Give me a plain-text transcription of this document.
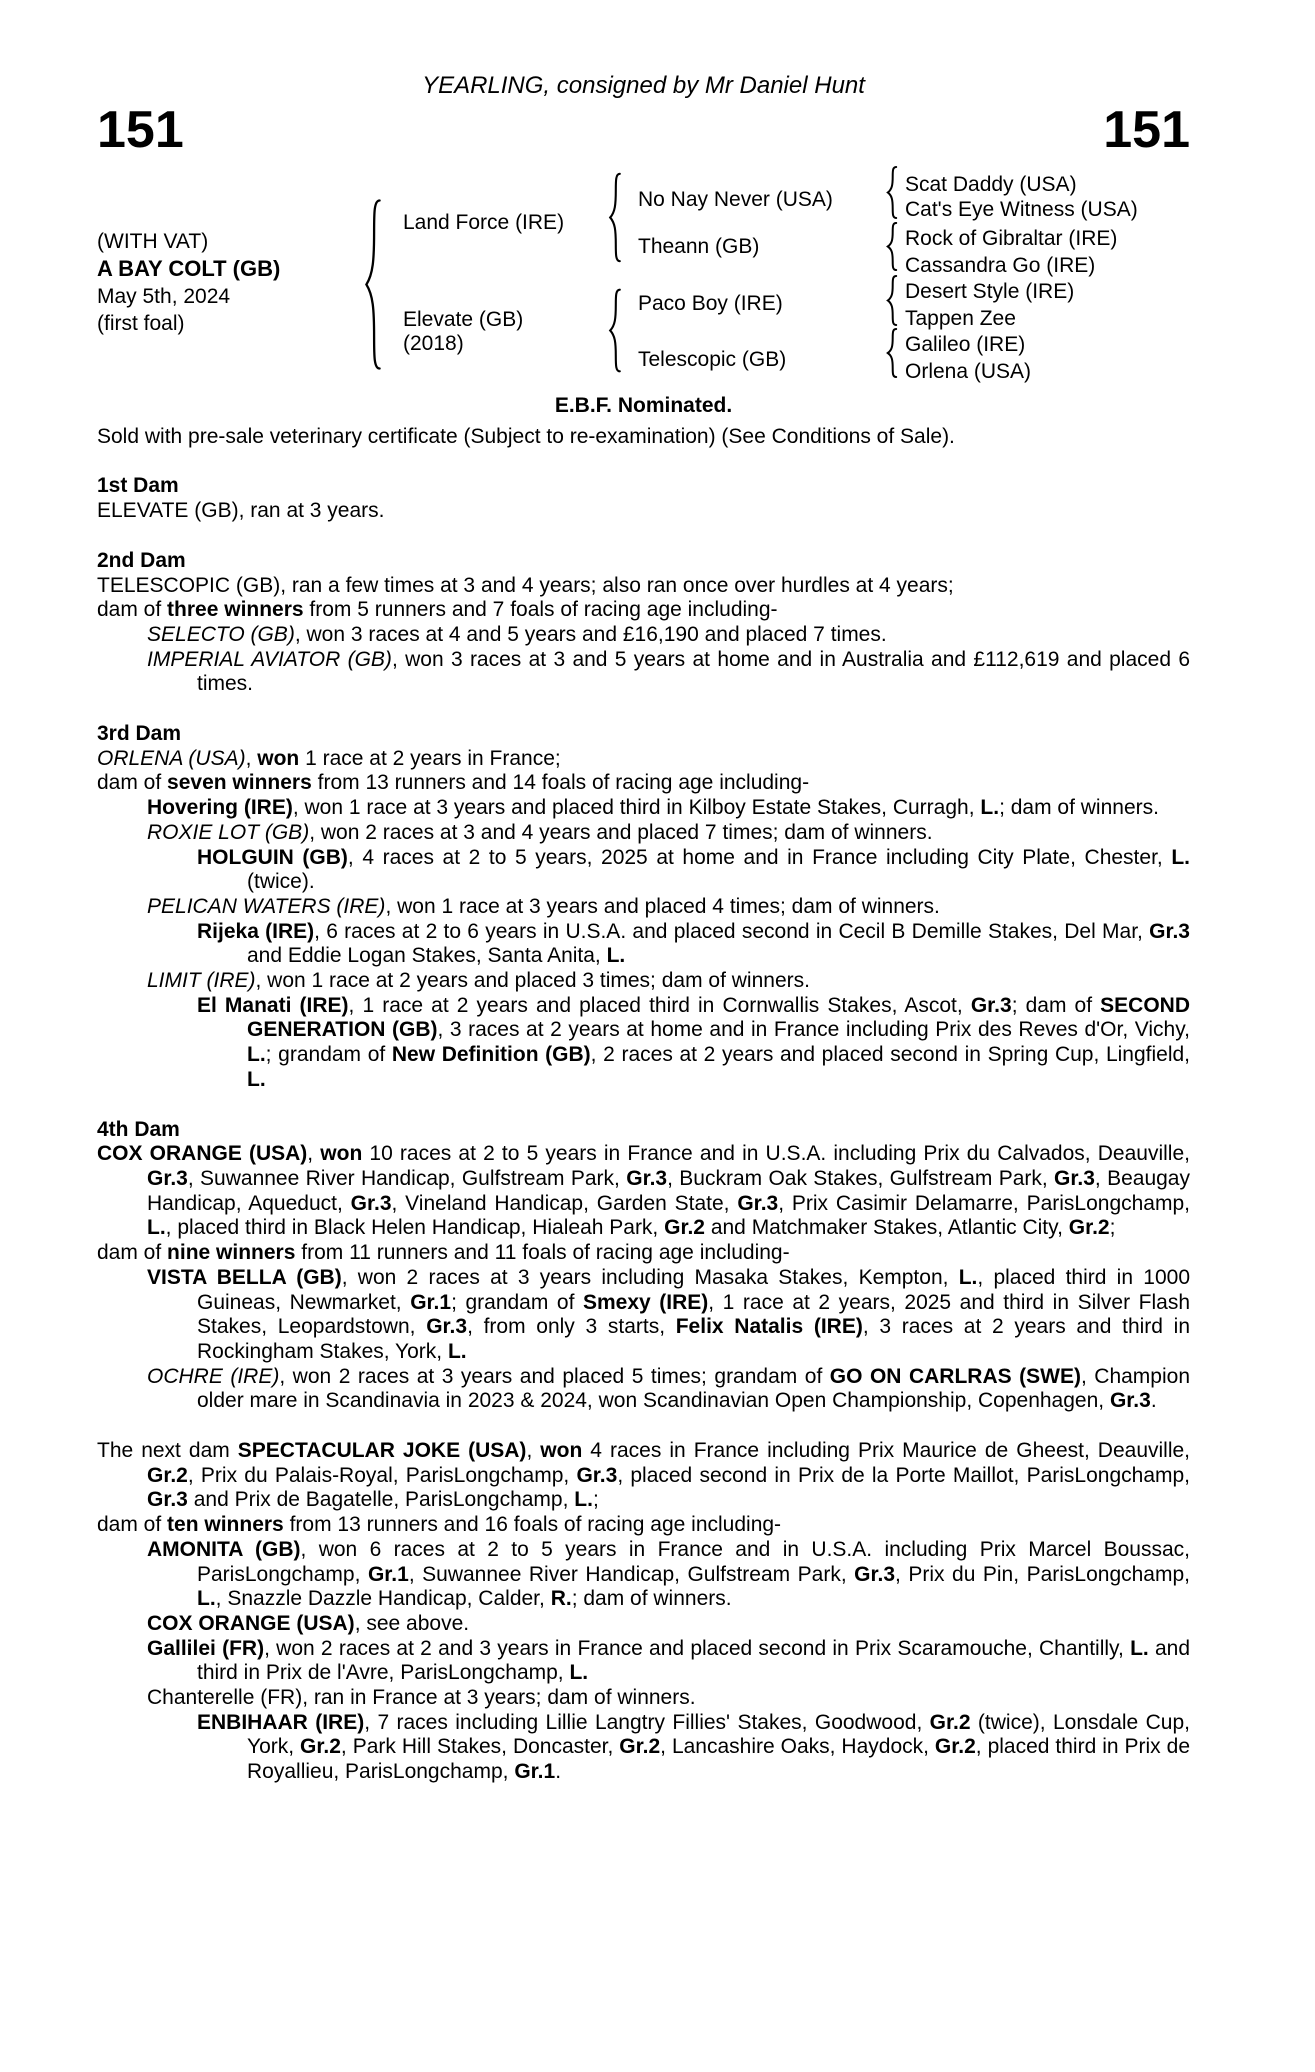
YEARLING, consigned by Mr Daniel Hunt
151	151
(WITH VAT)
A BAY COLT (GB)
May 5th, 2024
(first foal)
Land Force (IRE)
Elevate (GB)
(2018)
No Nay Never (USA)
Theann (GB)
Paco Boy (IRE)
Telescopic (GB)
Scat Daddy (USA)
Cat's Eye Witness (USA)
Rock of Gibraltar (IRE)
Cassandra Go (IRE)
Desert Style (IRE)
Tappen Zee
Galileo (IRE)
Orlena (USA)
E.B.F. Nominated.
Sold with pre-sale veterinary certificate (Subject to re-examination) (See Conditions of Sale).
1st Dam
ELEVATE (GB), ran at 3 years.
2nd Dam
TELESCOPIC (GB), ran a few times at 3 and 4 years; also ran once over hurdles at 4 years;
dam of three winners from 5 runners and 7 foals of racing age including-
SELECTO (GB), won 3 races at 4 and 5 years and £16,190 and placed 7 times.
IMPERIAL AVIATOR (GB), won 3 races at 3 and 5 years at home and in Australia and £112,619 and placed 6 times.
3rd Dam
ORLENA (USA), won 1 race at 2 years in France;
dam of seven winners from 13 runners and 14 foals of racing age including-
Hovering (IRE), won 1 race at 3 years and placed third in Kilboy Estate Stakes, Curragh, L.; dam of winners.
ROXIE LOT (GB), won 2 races at 3 and 4 years and placed 7 times; dam of winners.
HOLGUIN (GB), 4 races at 2 to 5 years, 2025 at home and in France including City Plate, Chester, L. (twice).
PELICAN WATERS (IRE), won 1 race at 3 years and placed 4 times; dam of winners.
Rijeka (IRE), 6 races at 2 to 6 years in U.S.A. and placed second in Cecil B Demille Stakes, Del Mar, Gr.3 and Eddie Logan Stakes, Santa Anita, L.
LIMIT (IRE), won 1 race at 2 years and placed 3 times; dam of winners.
El Manati (IRE), 1 race at 2 years and placed third in Cornwallis Stakes, Ascot, Gr.3; dam of SECOND GENERATION (GB), 3 races at 2 years at home and in France including Prix des Reves d'Or, Vichy, L.; grandam of New Definition (GB), 2 races at 2 years and placed second in Spring Cup, Lingfield, L.
4th Dam
COX ORANGE (USA), won 10 races at 2 to 5 years in France and in U.S.A. including Prix du Calvados, Deauville, Gr.3, Suwannee River Handicap, Gulfstream Park, Gr.3, Buckram Oak Stakes, Gulfstream Park, Gr.3, Beaugay Handicap, Aqueduct, Gr.3, Vineland Handicap, Garden State, Gr.3, Prix Casimir Delamarre, ParisLongchamp, L., placed third in Black Helen Handicap, Hialeah Park, Gr.2 and Matchmaker Stakes, Atlantic City, Gr.2;
dam of nine winners from 11 runners and 11 foals of racing age including-
VISTA BELLA (GB), won 2 races at 3 years including Masaka Stakes, Kempton, L., placed third in 1000 Guineas, Newmarket, Gr.1; grandam of Smexy (IRE), 1 race at 2 years, 2025 and third in Silver Flash Stakes, Leopardstown, Gr.3, from only 3 starts, Felix Natalis (IRE), 3 races at 2 years and third in Rockingham Stakes, York, L.
OCHRE (IRE), won 2 races at 3 years and placed 5 times; grandam of GO ON CARLRAS (SWE), Champion older mare in Scandinavia in 2023 & 2024, won Scandinavian Open Championship, Copenhagen, Gr.3.
The next dam SPECTACULAR JOKE (USA), won 4 races in France including Prix Maurice de Gheest, Deauville, Gr.2, Prix du Palais-Royal, ParisLongchamp, Gr.3, placed second in Prix de la Porte Maillot, ParisLongchamp, Gr.3 and Prix de Bagatelle, ParisLongchamp, L.;
dam of ten winners from 13 runners and 16 foals of racing age including-
AMONITA (GB), won 6 races at 2 to 5 years in France and in U.S.A. including Prix Marcel Boussac, ParisLongchamp, Gr.1, Suwannee River Handicap, Gulfstream Park, Gr.3, Prix du Pin, ParisLongchamp, L., Snazzle Dazzle Handicap, Calder, R.; dam of winners.
COX ORANGE (USA), see above.
Gallilei (FR), won 2 races at 2 and 3 years in France and placed second in Prix Scaramouche, Chantilly, L. and third in Prix de l'Avre, ParisLongchamp, L.
Chanterelle (FR), ran in France at 3 years; dam of winners.
ENBIHAAR (IRE), 7 races including Lillie Langtry Fillies' Stakes, Goodwood, Gr.2 (twice), Lonsdale Cup, York, Gr.2, Park Hill Stakes, Doncaster, Gr.2, Lancashire Oaks, Haydock, Gr.2, placed third in Prix de Royallieu, ParisLongchamp, Gr.1.
